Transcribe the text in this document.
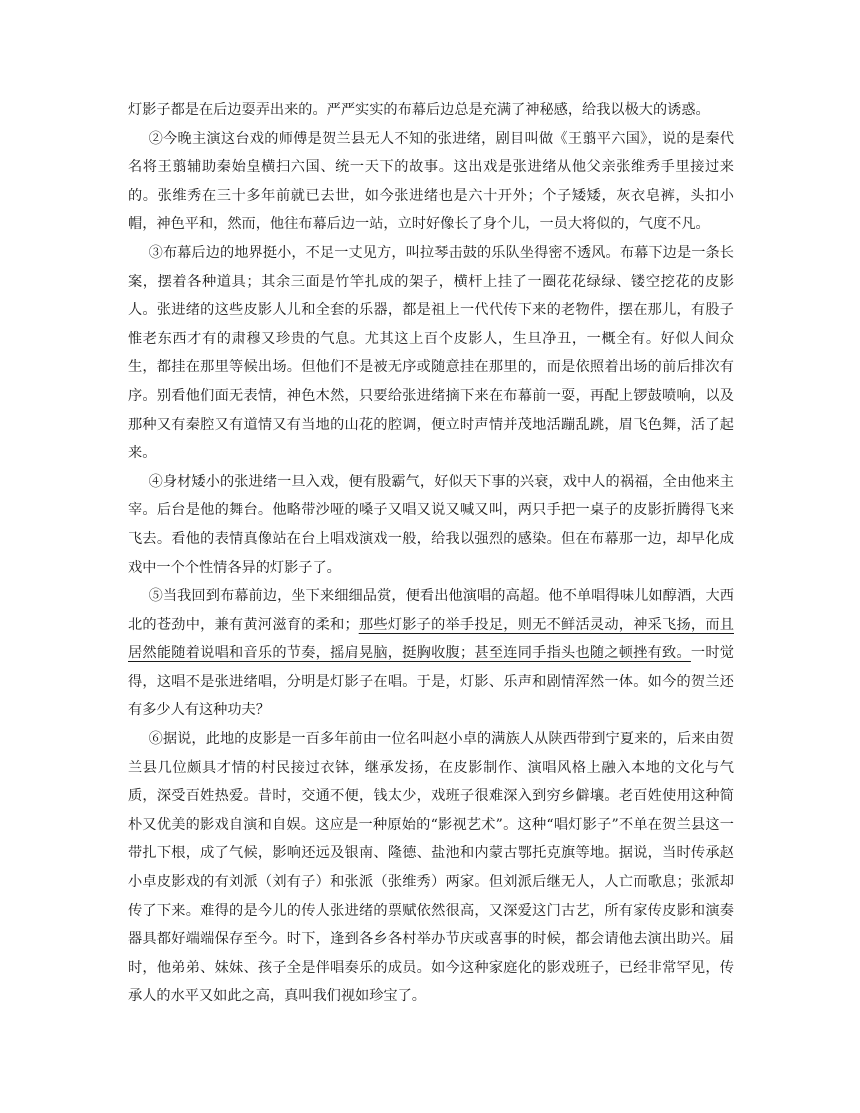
灯影子都是在后边耍弄出来的。严严实实的布幕后边总是充满了神秘感，给我以极大的诱惑。

②今晚主演这台戏的师傅是贺兰县无人不知的张进绪，剧目叫做《王翦平六国》，说的是秦代名将王翦辅助秦始皇横扫六国、统一天下的故事。这出戏是张进绪从他父亲张维秀手里接过来的。张维秀在三十多年前就已去世，如今张进绪也是六十开外；个子矮矮，灰衣皂裤，头扣小帽，神色平和，然而，他往布幕后边一站，立时好像长了身个儿，一员大将似的，气度不凡。

③布幕后边的地界挺小，不足一丈见方，叫拉琴击鼓的乐队坐得密不透风。布幕下边是一条长案，摆着各种道具；其余三面是竹竿扎成的架子，横杆上挂了一圈花花绿绿、镂空挖花的皮影人。张进绪的这些皮影人儿和全套的乐器，都是祖上一代代传下来的老物件，摆在那儿，有股子惟老东西才有的肃穆又珍贵的气息。尤其这上百个皮影人，生旦净丑，一概全有。好似人间众生，都挂在那里等候出场。但他们不是被无序或随意挂在那里的，而是依照着出场的前后排次有序。别看他们面无表情，神色木然，只要给张进绪摘下来在布幕前一耍，再配上锣鼓喷响，以及那种又有秦腔又有道情又有当地的山花的腔调，便立时声情并茂地活蹦乱跳，眉飞色舞，活了起来。

④身材矮小的张进绪一旦入戏，便有股霸气，好似天下事的兴衰，戏中人的祸福，全由他来主宰。后台是他的舞台。他略带沙哑的嗓子又唱又说又喊又叫，两只手把一桌子的皮影折腾得飞来飞去。看他的表情真像站在台上唱戏演戏一般，给我以强烈的感染。但在布幕那一边，却早化成戏中一个个性情各异的灯影子了。

⑤当我回到布幕前边，坐下来细细品赏，便看出他演唱的高超。他不单唱得味儿如醇酒，大西北的苍劲中，兼有黄河滋育的柔和；那些灯影子的举手投足，则无不鲜活灵动，神采飞扬，而且居然能随着说唱和音乐的节奏，摇肩晃脑，挺胸收腹；甚至连同手指头也随之顿挫有致。一时觉得，这唱不是张进绪唱，分明是灯影子在唱。于是，灯影、乐声和剧情浑然一体。如今的贺兰还有多少人有这种功夫？

⑥据说，此地的皮影是一百多年前由一位名叫赵小卓的满族人从陕西带到宁夏来的，后来由贺兰县几位颇具才情的村民接过衣钵，继承发扬，在皮影制作、演唱风格上融入本地的文化与气质，深受百姓热爱。昔时，交通不便，钱太少，戏班子很难深入到穷乡僻壤。老百姓使用这种简朴又优美的影戏自演和自娱。这应是一种原始的“影视艺术”。这种“唱灯影子”不单在贺兰县这一带扎下根，成了气候，影响还远及银南、隆德、盐池和内蒙古鄂托克旗等地。据说，当时传承赵小卓皮影戏的有刘派（刘有子）和张派（张维秀）两家。但刘派后继无人，人亡而歌息；张派却传了下来。难得的是今儿的传人张进绪的票赋依然很高，又深爱这门古艺，所有家传皮影和演奏器具都好端端保存至今。时下，逢到各乡各村举办节庆或喜事的时候，都会请他去演出助兴。届时，他弟弟、妹妹、孩子全是伴唱奏乐的成员。如今这种家庭化的影戏班子，已经非常罕见，传承人的水平又如此之高，真叫我们视如珍宝了。
